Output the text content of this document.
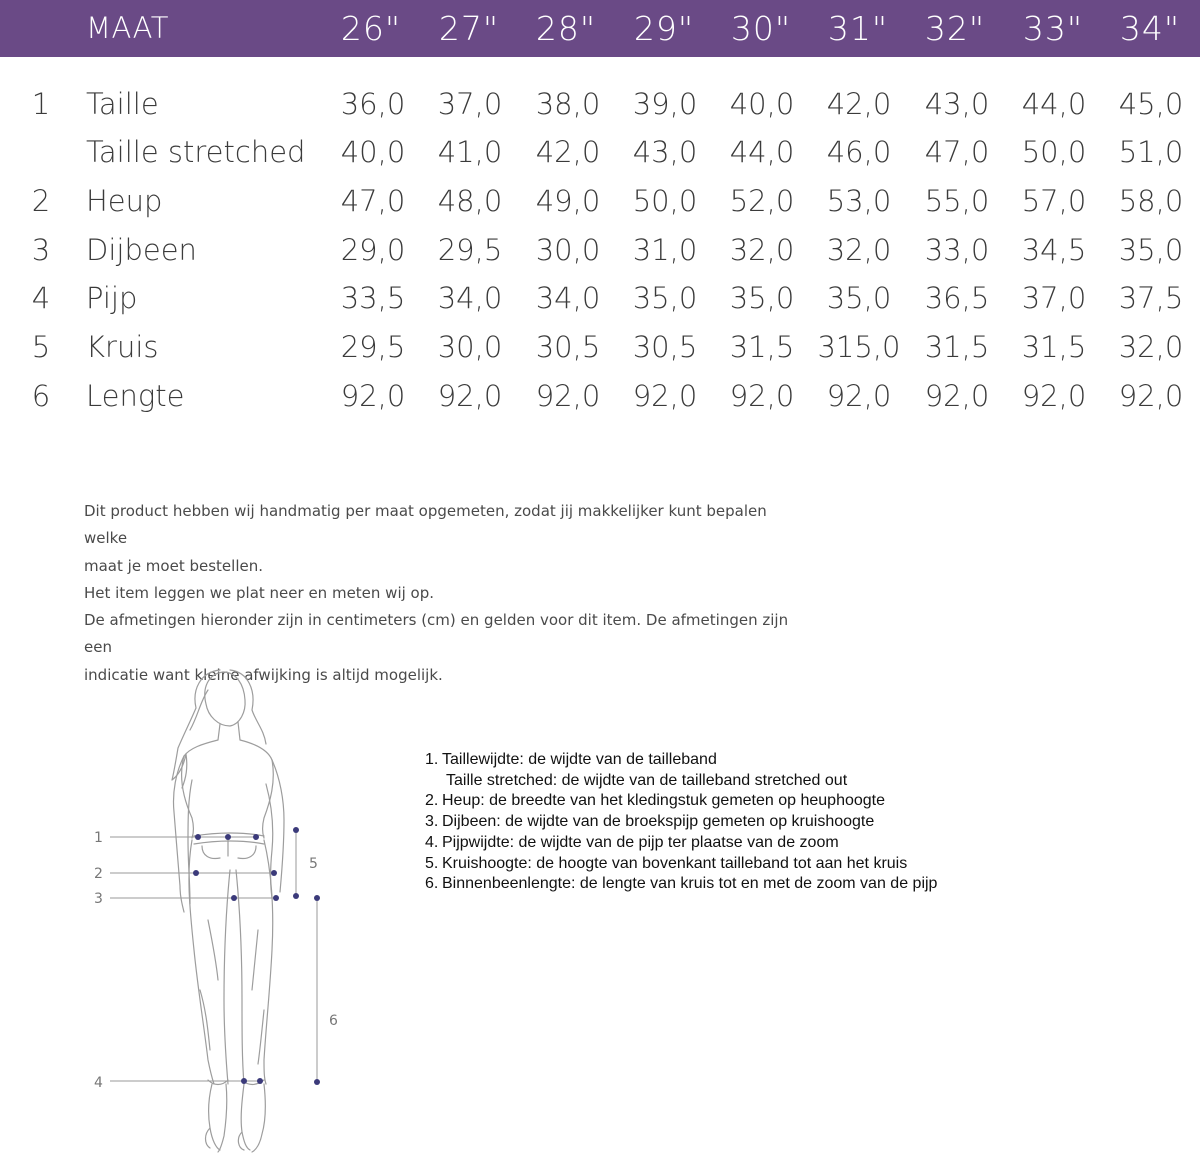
MAAT	26"	27"	28"	29"	30"	31"	32"	33"	34"
1 Taille	36,0	37,0	38,0	39,0	40,0	42,0	43,0	44,0	45,0
Taille stretched	40,0	41,0	42,0	43,0	44,0	46,0	47,0	50,0	51,0
2 Heup	47,0	48,0	49,0	50,0	52,0	53,0	55,0	57,0	58,0
3 Dijbeen	29,0	29,5	30,0	31,0	32,0	32,0	33,0	34,5	35,0
4 Pijp	33,5	34,0	34,0	35,0	35,0	35,0	36,5	37,0	37,5
5 Kruis	29,5	30,0	30,5	30,5	31,5 315,0 31,5	31,5	32,0
6 Lengte	92,0	92,0	92,0	92,0	92,0	92,0	92,0	92,0	92,0

Dit product hebben wij handmatig per maat opgemeten, zodat jij makkelijker kunt bepalen welke

maat je moet bestellen.

Het item leggen we plat neer en meten wij op.

De afmetingen hieronder zijn in centimeters (cm) en gelden voor dit item. De afmetingen zijn een

indicatie want kleine afwijking is altijd mogelijk.

1
2
3
4
5
6
1. Taillewijdte: de wijdte van de tailleband
Taille stretched: de wijdte van de tailleband stretched out
2. Heup: de breedte van het kledingstuk gemeten op heuphoogte
3. Dijbeen: de wijdte van de broekspijp gemeten op kruishoogte
4. Pijpwijdte: de wijdte van de pijp ter plaatse van de zoom
5. Kruishoogte: de hoogte van bovenkant tailleband tot aan het kruis
6. Binnenbeenlengte: de lengte van kruis tot en met de zoom van de pijp
